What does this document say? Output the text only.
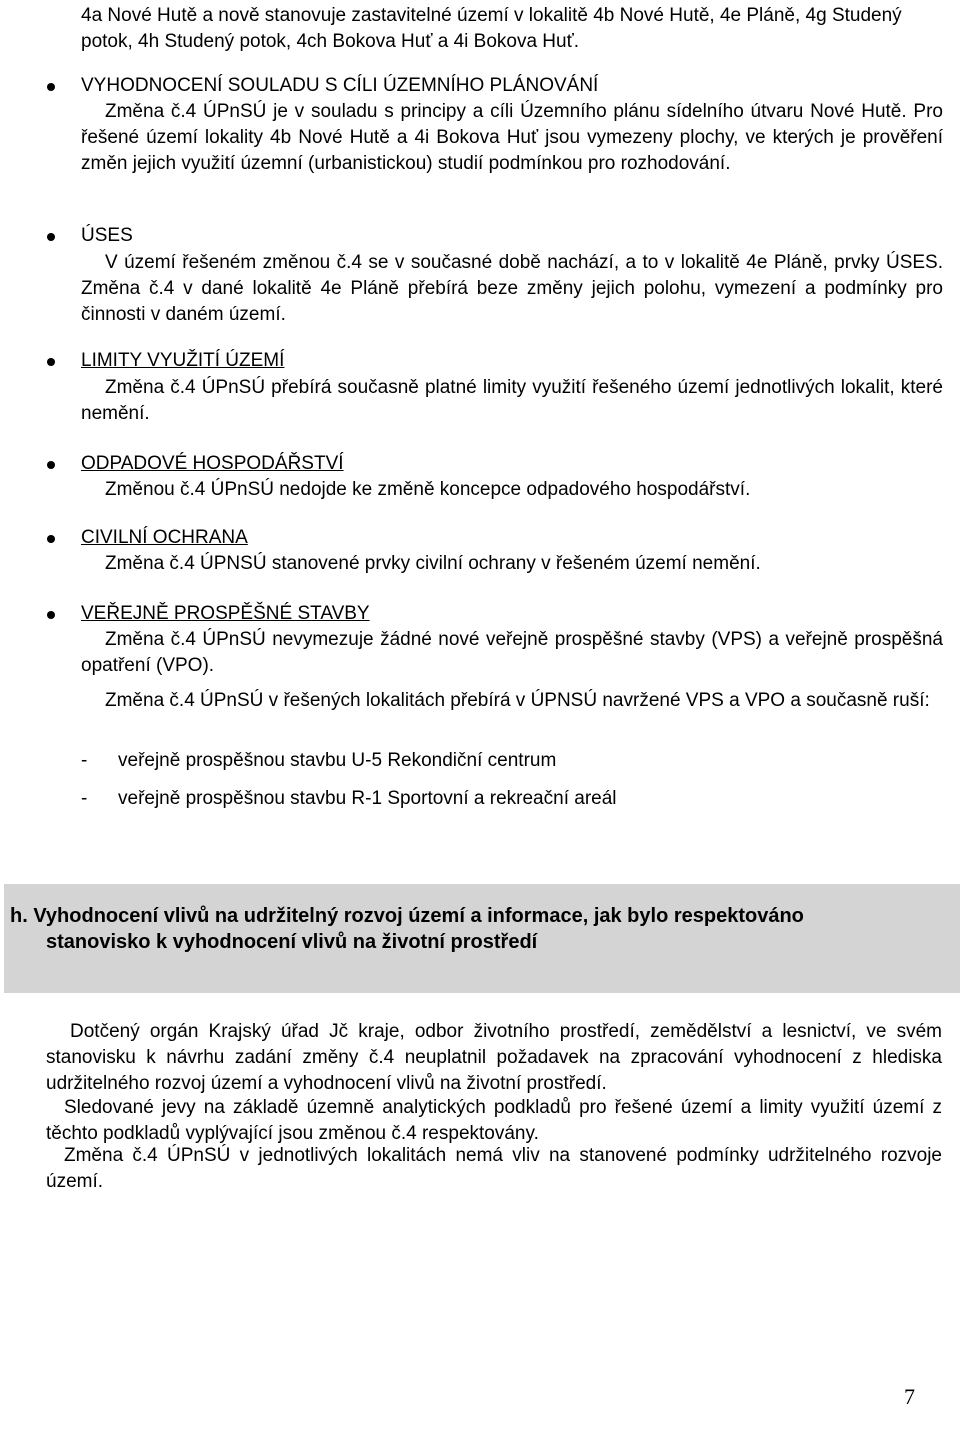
4a Nové Hutě a nově stanovuje zastavitelné území v lokalitě 4b Nové Hutě, 4e Pláně, 4g Studený potok, 4h Studený potok, 4ch Bokova Huť a 4i Bokova Huť.
VYHODNOCENÍ SOULADU S CÍLI ÚZEMNÍHO PLÁNOVÁNÍ
Změna č.4 ÚPnSÚ je v souladu s principy a cíli Územního plánu sídelního útvaru Nové Hutě. Pro řešené území lokality 4b Nové Hutě a 4i Bokova Huť jsou vymezeny plochy, ve kterých je prověření změn jejich využití územní (urbanistickou) studií podmínkou pro rozhodování.
ÚSES
V území řešeném změnou č.4 se v současné době nachází, a to v lokalitě 4e Pláně, prvky ÚSES. Změna č.4 v dané lokalitě 4e Pláně přebírá beze změny jejich polohu, vymezení a podmínky pro činnosti v daném území.
LIMITY VYUŽITÍ ÚZEMÍ
Změna č.4 ÚPnSÚ přebírá současně platné limity využití řešeného území jednotlivých lokalit, které nemění.
ODPADOVÉ HOSPODÁŘSTVÍ
Změnou č.4 ÚPnSÚ nedojde ke změně koncepce odpadového hospodářství.
CIVILNÍ OCHRANA
Změna č.4 ÚPNSÚ stanovené prvky civilní ochrany v řešeném území nemění.
VEŘEJNĚ PROSPĚŠNÉ STAVBY
Změna č.4 ÚPnSÚ nevymezuje žádné nové veřejně prospěšné stavby (VPS) a veřejně prospěšná opatření (VPO).
Změna č.4 ÚPnSÚ v řešených lokalitách přebírá v ÚPNSÚ navržené VPS a VPO a současně ruší:
- veřejně prospěšnou stavbu U-5 Rekondiční centrum
- veřejně prospěšnou stavbu R-1 Sportovní a rekreační areál
h. Vyhodnocení vlivů na udržitelný rozvoj území a informace, jak bylo respektováno
stanovisko k vyhodnocení vlivů na životní prostředí
Dotčený orgán Krajský úřad Jč kraje, odbor životního prostředí, zemědělství a lesnictví, ve svém stanovisku k návrhu zadání změny č.4 neuplatnil požadavek na zpracování vyhodnocení z hlediska udržitelného rozvoj území a vyhodnocení vlivů na životní prostředí.
Sledované jevy na základě územně analytických podkladů pro řešené území a limity využití území z těchto podkladů vyplývající jsou změnou č.4 respektovány.
Změna č.4 ÚPnSÚ v jednotlivých lokalitách nemá vliv na stanovené podmínky udržitelného rozvoje území.
7
